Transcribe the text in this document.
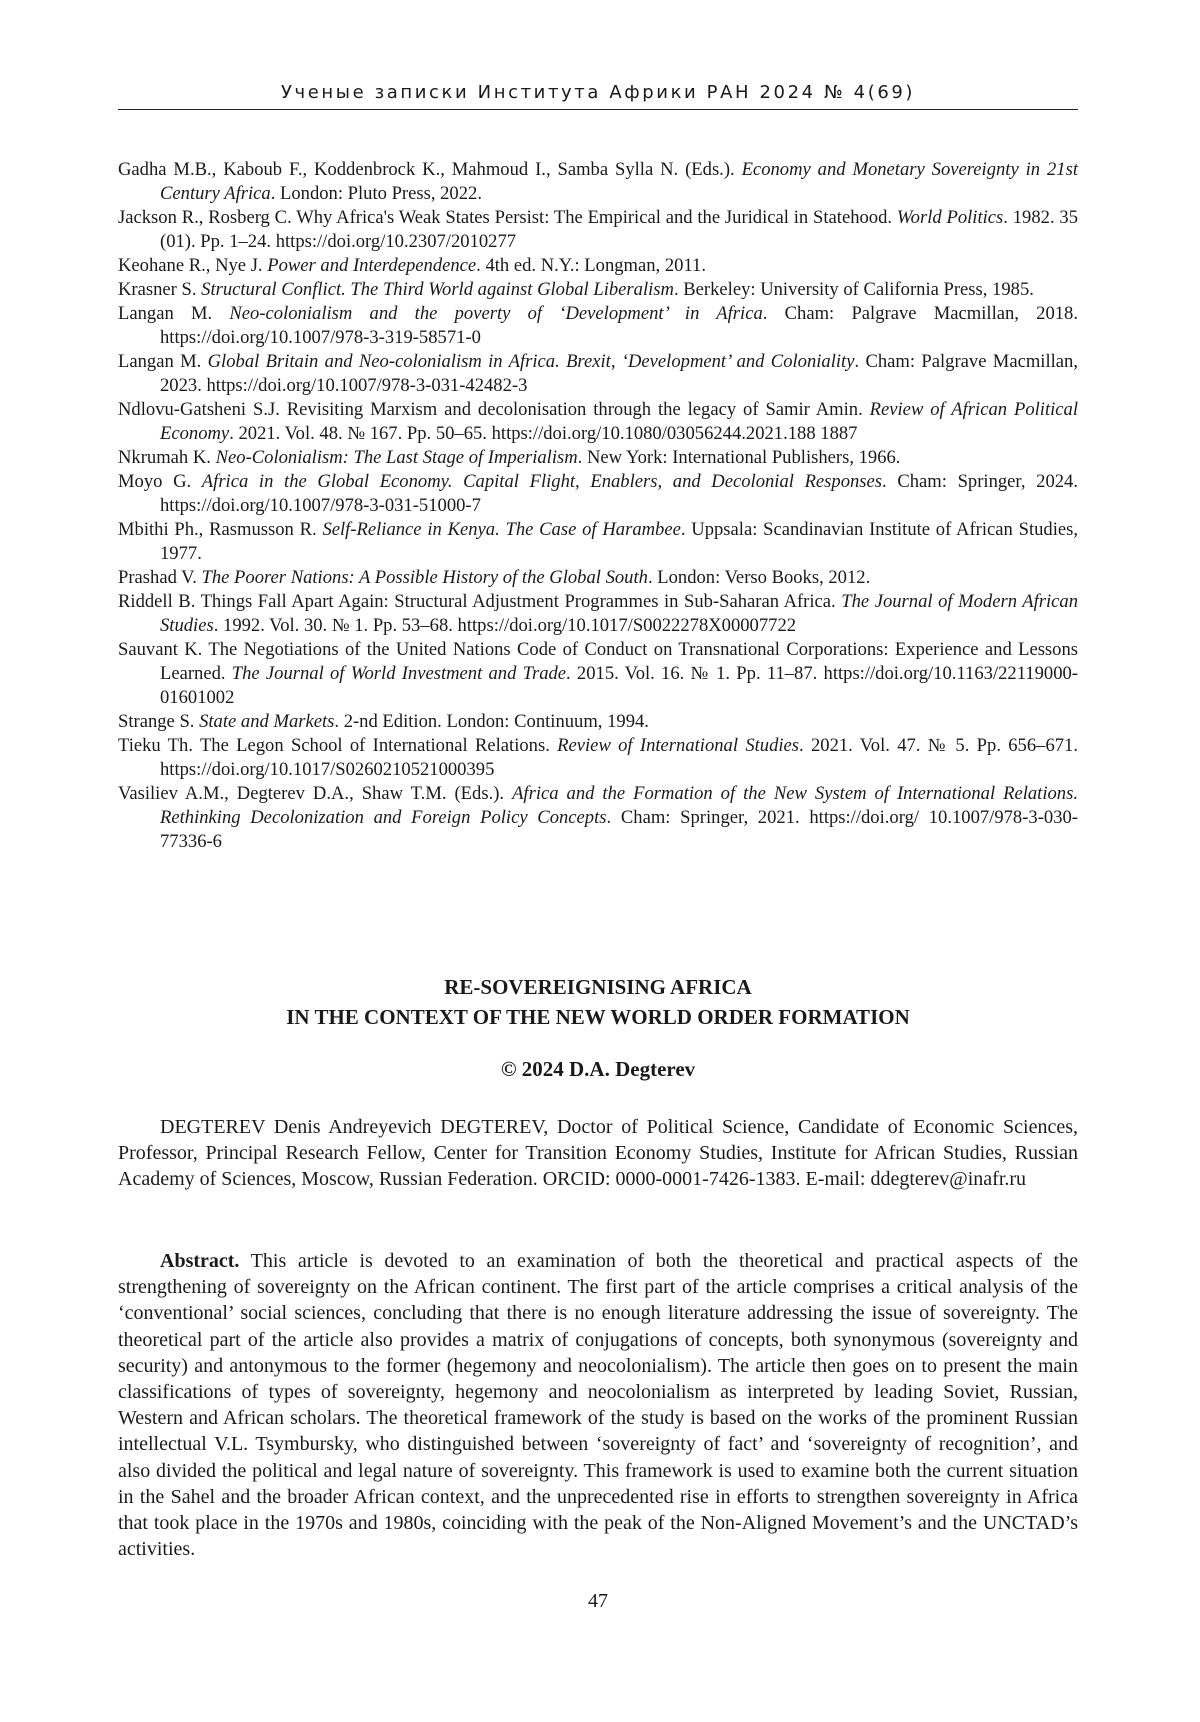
Ученые записки Института Африки РАН 2024 № 4(69)

Gadha M.B., Kaboub F., Koddenbrock K., Mahmoud I., Samba Sylla N. (Eds.). Economy and Monetary Sovereignty in 21st Century Africa. London: Pluto Press, 2022.

Jackson R., Rosberg C. Why Africa's Weak States Persist: The Empirical and the Juridical in Statehood. World Politics. 1982. 35 (01). Pp. 1–24. https://doi.org/10.2307/2010277

Keohane R., Nye J. Power and Interdependence. 4th ed. N.Y.: Longman, 2011.

Krasner S. Structural Conflict. The Third World against Global Liberalism. Berkeley: University of California Press, 1985.

Langan M. Neo-colonialism and the poverty of ‘Development’ in Africa. Cham: Palgrave Macmillan, 2018. https://doi.org/10.1007/978-3-319-58571-0

Langan M. Global Britain and Neo-colonialism in Africa. Brexit, ‘Development’ and Coloniality. Cham: Palgrave Macmillan, 2023. https://doi.org/10.1007/978-3-031-42482-3

Ndlovu-Gatsheni S.J. Revisiting Marxism and decolonisation through the legacy of Samir Amin. Review of African Political Economy. 2021. Vol. 48. № 167. Pp. 50–65. https://doi.org/10.1080/03056244.2021.188 1887

Nkrumah K. Neo-Colonialism: The Last Stage of Imperialism. New York: International Publishers, 1966.

Moyo G. Africa in the Global Economy. Capital Flight, Enablers, and Decolonial Responses. Cham: Springer, 2024. https://doi.org/10.1007/978-3-031-51000-7

Mbithi Ph., Rasmusson R. Self-Reliance in Kenya. The Case of Harambee. Uppsala: Scandinavian Institute of African Studies, 1977.

Prashad V. The Poorer Nations: A Possible History of the Global South. London: Verso Books, 2012.

Riddell B. Things Fall Apart Again: Structural Adjustment Programmes in Sub-Saharan Africa. The Journal of Modern African Studies. 1992. Vol. 30. № 1. Pp. 53–68. https://doi.org/10.1017/S0022278X00007722

Sauvant K. The Negotiations of the United Nations Code of Conduct on Transnational Corporations: Experience and Lessons Learned. The Journal of World Investment and Trade. 2015. Vol. 16. № 1. Pp. 11–87. https://doi.org/10.1163/22119000-01601002

Strange S. State and Markets. 2-nd Edition. London: Continuum, 1994.

Tieku Th. The Legon School of International Relations. Review of International Studies. 2021. Vol. 47. № 5. Pp. 656–671. https://doi.org/10.1017/S0260210521000395

Vasiliev A.M., Degterev D.A., Shaw T.M. (Eds.). Africa and the Formation of the New System of International Relations. Rethinking Decolonization and Foreign Policy Concepts. Cham: Springer, 2021. https://doi.org/ 10.1007/978-3-030-77336-6

RE-SOVEREIGNISING AFRICA
IN THE CONTEXT OF THE NEW WORLD ORDER FORMATION
© 2024 D.A. Degterev

DEGTEREV Denis Andreyevich DEGTEREV, Doctor of Political Science, Candidate of Economic Sciences, Professor, Principal Research Fellow, Center for Transition Economy Studies, Institute for African Studies, Russian Academy of Sciences, Moscow, Russian Federation. ORCID: 0000-0001-7426-1383. E-mail: ddegterev@inafr.ru

Abstract. This article is devoted to an examination of both the theoretical and practical aspects of the strengthening of sovereignty on the African continent. The first part of the article comprises a critical analysis of the ‘conventional’ social sciences, concluding that there is no enough literature addressing the issue of sovereignty. The theoretical part of the article also provides a matrix of conjugations of concepts, both synonymous (sovereignty and security) and antonymous to the former (hegemony and neocolonialism). The article then goes on to present the main classifications of types of sovereignty, hegemony and neocolonialism as interpreted by leading Soviet, Russian, Western and African scholars. The theoretical framework of the study is based on the works of the prominent Russian intellectual V.L. Tsymbursky, who distinguished between ‘sovereignty of fact’ and ‘sovereignty of recognition’, and also divided the political and legal nature of sovereignty. This framework is used to examine both the current situation in the Sahel and the broader African context, and the unprecedented rise in efforts to strengthen sovereignty in Africa that took place in the 1970s and 1980s, coinciding with the peak of the Non-Aligned Movement’s and the UNCTAD’s activities.

47
